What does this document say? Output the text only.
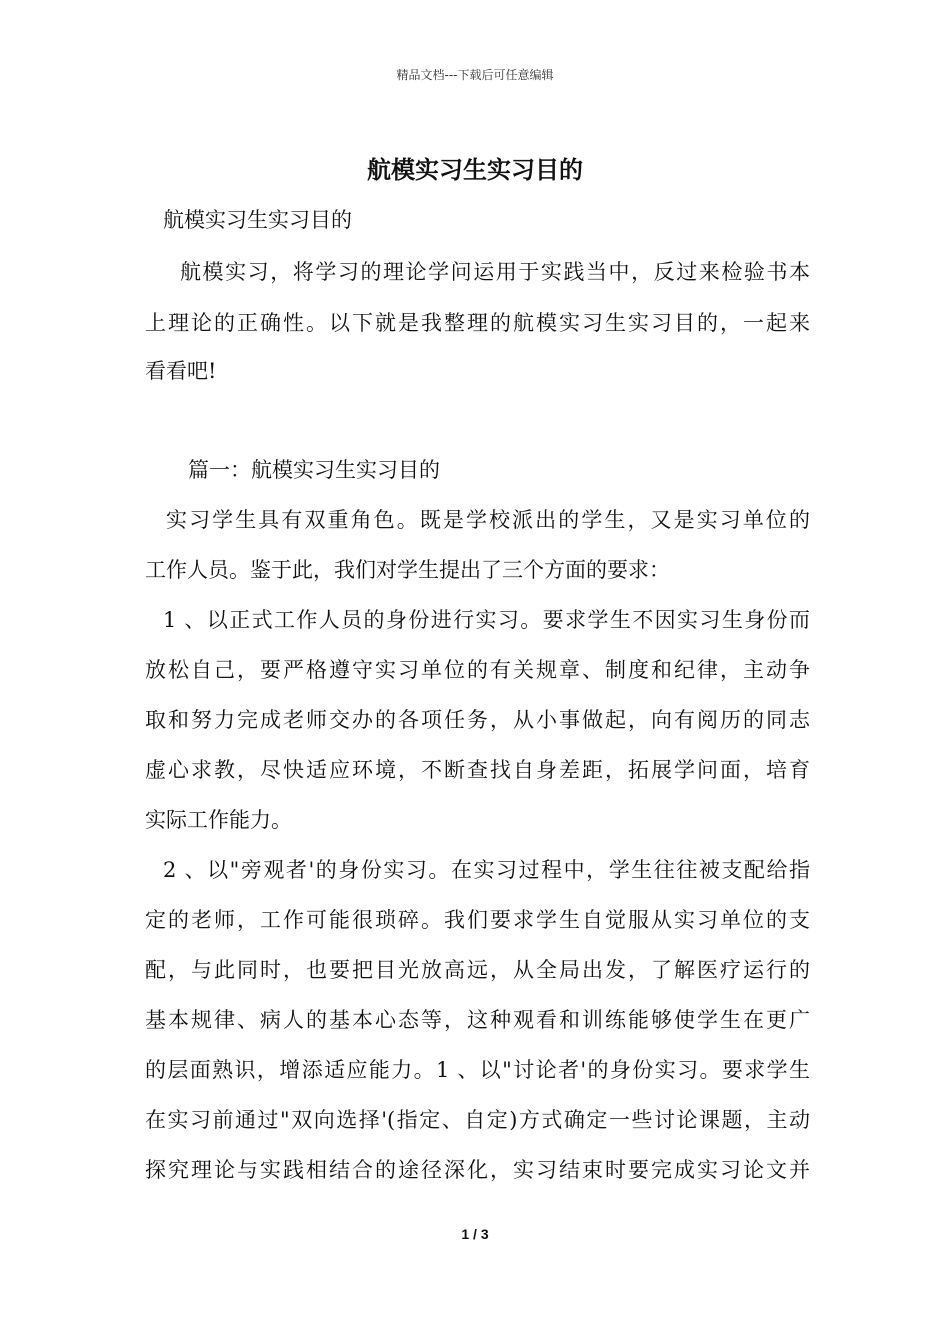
精品文档---下载后可任意编辑
航模实习生实习目的
航模实习生实习目的
航模实习，将学习的理论学问运用于实践当中，反过来检验书本
上理论的正确性。以下就是我整理的航模实习生实习目的，一起来
看看吧!
篇一：航模实习生实习目的
实习学生具有双重角色。既是学校派出的学生，又是实习单位的
工作人员。鉴于此，我们对学生提出了三个方面的要求：
1 、以正式工作人员的身份进行实习。要求学生不因实习生身份而
放松自己，要严格遵守实习单位的有关规章、制度和纪律，主动争
取和努力完成老师交办的各项任务，从小事做起，向有阅历的同志
虚心求教，尽快适应环境，不断查找自身差距，拓展学问面，培育
实际工作能力。
2 、以"旁观者'的身份实习。在实习过程中，学生往往被支配给指
定的老师，工作可能很琐碎。我们要求学生自觉服从实习单位的支
配，与此同时，也要把目光放高远，从全局出发，了解医疗运行的
基本规律、病人的基本心态等，这种观看和训练能够使学生在更广
的层面熟识，增添适应能力。1 、以"讨论者'的身份实习。要求学生
在实习前通过"双向选择'(指定、自定)方式确定一些讨论课题，主动
探究理论与实践相结合的途径深化，实习结束时要完成实习论文并
1 / 3
